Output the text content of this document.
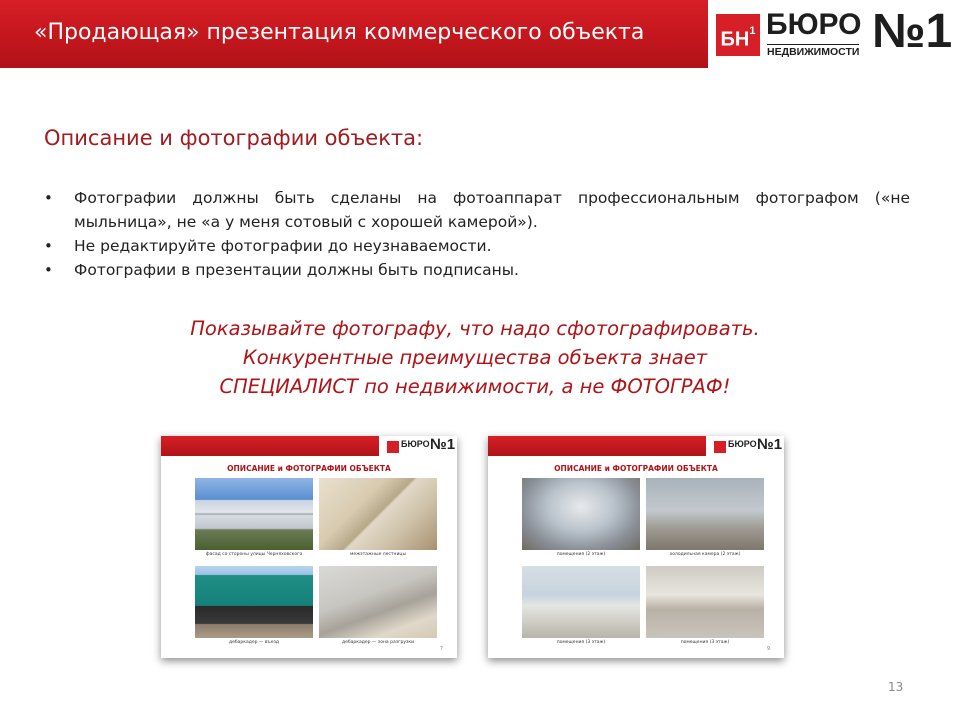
«Продающая» презентация коммерческого объекта	$БН^1$ БЮРО
НЕДВИЖИМОСТИ №1
Описание и фотографии объекта:
• Фотографии должны быть сделаны на фотоаппарат профессиональным фотографом («не мыльница», не «а у меня сотовый с хорошей камерой»).
• Не редактируйте фотографии до неузнаваемости.
• Фотографии в презентации должны быть подписаны.
Показывайте фотографу, что надо сфотографировать.
Конкурентные преимущества объекта знает
СПЕЦИАЛИСТ по недвижимости, а не ФОТОГРАФ!
БЮРО №1
ОПИСАНИЕ и ФОТОГРАФИИ ОБЪЕКТА
фасад со стороны улицы Черняховского	межэтажные лестницы
дебаркадер — въезд	дебаркадер — зона разгрузки
7
БЮРО №1
ОПИСАНИЕ и ФОТОГРАФИИ ОБЪЕКТА
помещения (2 этаж)	холодильная камера (2 этаж)
помещения (3 этаж)	помещения (3 этаж)
9
13
